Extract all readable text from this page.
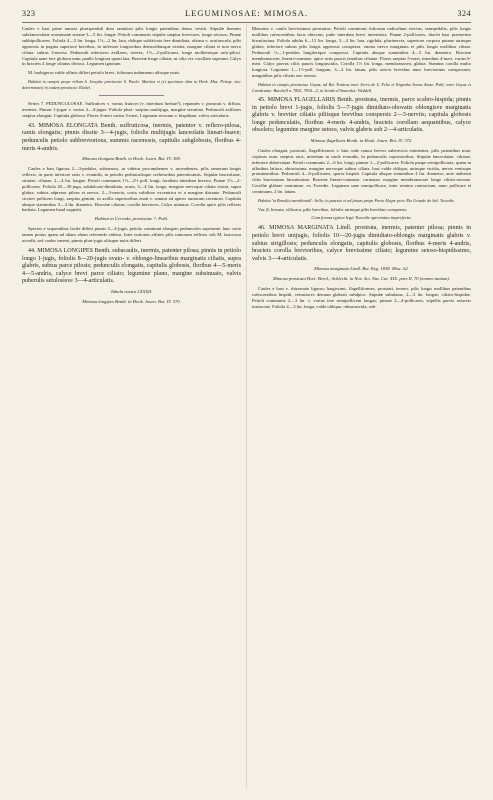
323	LEGUMINOSAE: MIMOSA.	324

Caules v basi pæne ramosi plurisperduli dura ramulosi pilis longis patentibus denso vestiti. Stipulæ lineares subrlanceolatæ acuminatæ striatæ 3—5 lin. longæ. Petioli communis stipulis saepius breviores, longe setosos; Pinnæ subbipollicares. Foliola 4—5 lin. longa, 1½—2 lin. lata, oblique subfalcata fere dimidiata, obtusa v. acutiuscula, pilis appressis in pagina superiore brevibus, in inferiore longioribus densioribusque vestita, margine ciliata et non nervo ciliata, subtus 3-nervia. Pedunculi inferiores axillares, teretes, 1½—2-pollicares, longe mollitereque rufo-pilosi. Capitula nane fere globosa nunc paullo longiora quam lata. Bracteæ longe ciliatæ, ut cilia vix corollam superant. Calyx in bracteis 4 longe ciliatus divisus. Legumen ignotum.

M. barbigeras valde affinis differt petiolo brevi, foliorum indumento aliisque notis.

Habitat in campis prope villam S. Josephe provinciae S. Paulo: Martius et (ei specimen olim in Herb. Mus. Petrop. vice determinavi) in eadem provincia: Riedel.

Series 7. PEDUNCULOSAE. Suffrutices v. varius frutices (v. interdum herbae?), reptantes v. prostrati v. diffusi, inermes. Pinnae 1-jugae v. varius 2—4-jugae. Foliola pluri- saepius multijuga, margine serrulata. Pedunculi axillares saepius elongati. Capitula globosa. Flores 4-meri varius 5-meri. Legumen setosum v. hispidum, valvis articulatis.

43. MIMOSA ELONGATA Benth. suffruticosa, inermis, patentor v. reflexo-pilosa, ramis elongatis; pinnis dissite 3—4-jugis, foliolis multijugis lanceolatis lineari-buave; pedunculis petiolo subbreviorious, summis racemosis, capitulis subglobosis, floribus 4-meris 4-andris.

Mimosa elongata Benth. in Hook. Journ. Bot. IV. 369.

Caules e basi lignosa 2—3-pedales, subramosi, ut videtur procumbentes v. ascendentes, pilis ramorum longis reflexis, in parte inferiore raris v. evanidis, in petiolis pedunculisque crebrioribus patentissimis. Stipulæ lanceolatae, striatae, ciliatae, 2—4 lin. longae. Petioli communis 1½—2½ poll. longi, foraliam interdum brevior. Pinnæ 1½—2-pollicares. Foliola 20—30-juga, subdalcato-dimidiata, acuta, 3—4 lin. longa, margine nervoque ciliata cincta, supra glabra, subtus adpresse pilosa et nervis, 2—3-nervia, costa validiore excentrica et a margine distante. Pedunculi circiter pollicem longi, saepius gemini, in axillis superioribus enati v. summi ad apices ramorum racemosi. Capitula absque staminibus 3—4 lin. diametro. Bracteæ ciliatae, corolla breviores. Calyx minutus. Corolla apice pilis reflexis barbata. Legumen haud suppetit.

Habitat in Cerrado, provinciae ?: Pohl.

Species e sequentibus facile differt pinnis 3—4-jugis, petiolo communi elongato pedunculos superante; huic certe tamen potius quam ad aliam aliam referenda videtur. Inter notiones affines pilis ramorum reflexis soli M. lasiocosa accedit, sed caules inermi, pinnis pluri-jugis aliisque notis differt.

44. MIMOSA LONGIPES Benth. subacaulis, inermis, patenter pilosa; pinnis in petiolo longo 1-jugis, foliolis 8—20-jugis ovato- v. oblongo-linearibus marginatis ciliatis, supra glabris, subtus parce pilosis; pedunculis elongatis, capitulis globosis, floribus 4—5-meris 4—5-andris, calyce brevi parce ciliato; legumine plano, margine subsinuato, valvis puberulis setulosisve 3—4-articulatis.

Tabula nostra LXXXII.

Mimosa longipes Benth. in Hook. Journ. Bot. IV. 370.

Rhizoma v. caulis brevissimus prostratus. Petioli communis foliorum radicalium erectus, semipedalis, pilis longis mollibus rufescentibus laxis obtectus, pube interdum brevi intermixta. Pinnæ 2-pollicares, rhachi basi praesertim hirsutissima. Foliola adulta 6—12 lin. longa, 3—4 lin. lata, rigidula, plurinervia, superiore corpora pinnae utrinque glabra, inferiore subtus pilis longis appressis conspersa, omnia nervo marginata et pilis longis mollibus ciliata. Pedunculi ⅓—1-pedales longiterique compressi. Capitula absque staminibus 4—5 lin. diametro. Bracteæ membranaceae, lineari-cuneatae, apice setis paucis tenuibus ciliatae. Flores saepius 5-meri, interdum 4-meri, varius 6-meri. Calyx parvus ciliis paucis longiusculis. Corolla 1½ lin. longa, membranacea, glabra. Stamina corolla multo longiora. Legumen 1—1½-poll. longum, 3—4 lin. latum, pilis sericis brevibus nunc brevissimis conspersum, marginibus pilis ciliatis nec setosis.

Habitat in campis provinciae Goyaz, ad Rio Tratiras inter Serra de S. Felix et Engenho Scuva Anna: Pohl; inter Goyaz et Cavalcante: Burchell n. 7802, 7834—2; in Sertão d'Amarales: Weddell.

45. MIMOSA FLAGELLARIS Benth. prostrata, inermis, parce scabro-hispida; pinnis in petiolo brevi 1-jugis, foliolis 5—7-jugis dimidiato-obovatis oblongisve marginatis glabris v. breviter ciliatis piliisque brevibus conspersis 2—3-nerviis; capitula globosis longe pedunculatis, floribus 4-meris 4-andris, bracteis corollam aequantibus, calyce obsoleto; legumine margine setoso, valvis glabris sub 2—4-articulatis.

Mimosa flagellaris Benth. in Hook. Journ. Bot. IV. 372.

Caules elongati, prostrati, flagelliformes v. hinc inde ramos breves suberectos emittentes, pilis patentibus nunc copiosis nunc saepius raris, interdum in caule evanidis, in pedunculis copiosioribus. Stipulæ lanceolatae, ciliatae, inferiore abbreviatae. Petioli communis 2—6 lin. longi; pinnae 1—2-pollicares. Foliola paupe semipollicaria, quam in affinibus latiora, obtusissima, margine nervoque subtus ciliata, basi valde obliqua, utrinque viridia, nervis venisque prominentibus. Pedunculi 4—6-pollicares, sparse hispidi. Capitula absque staminibus 4 lin. diametro, ante anthesin ciliis bractearum hirsutissima. Bracteæ lineari-cuneatae, carinatae, margine membranaceae longe ciliato-setosae. Corollæ glabrae carmineae, ex Tweedie. Legumen sane semipollicare, inter semina contractum, nunc pollicare et continuum, 2 lin. latum.

Habitat 'in Brasilia meridionali': Sello; in pascuis et ad fossas prope Porto Alegre prov. Rio Grande do Sul: Tweedie.

Var. β. hirsuta, villosior, pilis brevibus, foliolis utrinque pilis brevibus conspersis.

Cum forma typica legit Tweedie specimina imperfecta.

46. MIMOSA MARGINATA Lindl. prostrata, inermis, patenter pilosa; pinnis in petiolo brevi unijugis, foliolis 10—20-jugis dimidiato-oblongis marginatis glabris v. subtus strigillosis; pedunculis elongatis, capitulis globosis, floribus 4-meris 4-andris, bracteis corolla brevioribus, calyce brevissime ciliato; legumine setoso-hispidissimo, valvis 3—4-articulatis.

Mimosa marginata Lindl. Bot. Reg. 1838. Misc. 62.

Mimosa prostrata Hort. Berol.; Schlecht. in Nov. Act. Nat. Cur. XIX. pars II. 70 (nomen tantum).

Caules e basi v. rhizomate lignoso longissimi, flagelliformes, prostrati, teretes, pilis longis mollibus patentibus rufescentibus hispidi, vetustiores demum glabrati subdpice. Stipulæ subulatae, 2—3 lin. longae, ciliato-hispidae. Petioli communis 2—3 lin. v. varius fere semipollicem longus; pinnae 2—4-pollicares, stipellis parvis setaceis instructae. Foliola 4—3 lin. longa, valde obliqua, obtusiuscula, sub-
